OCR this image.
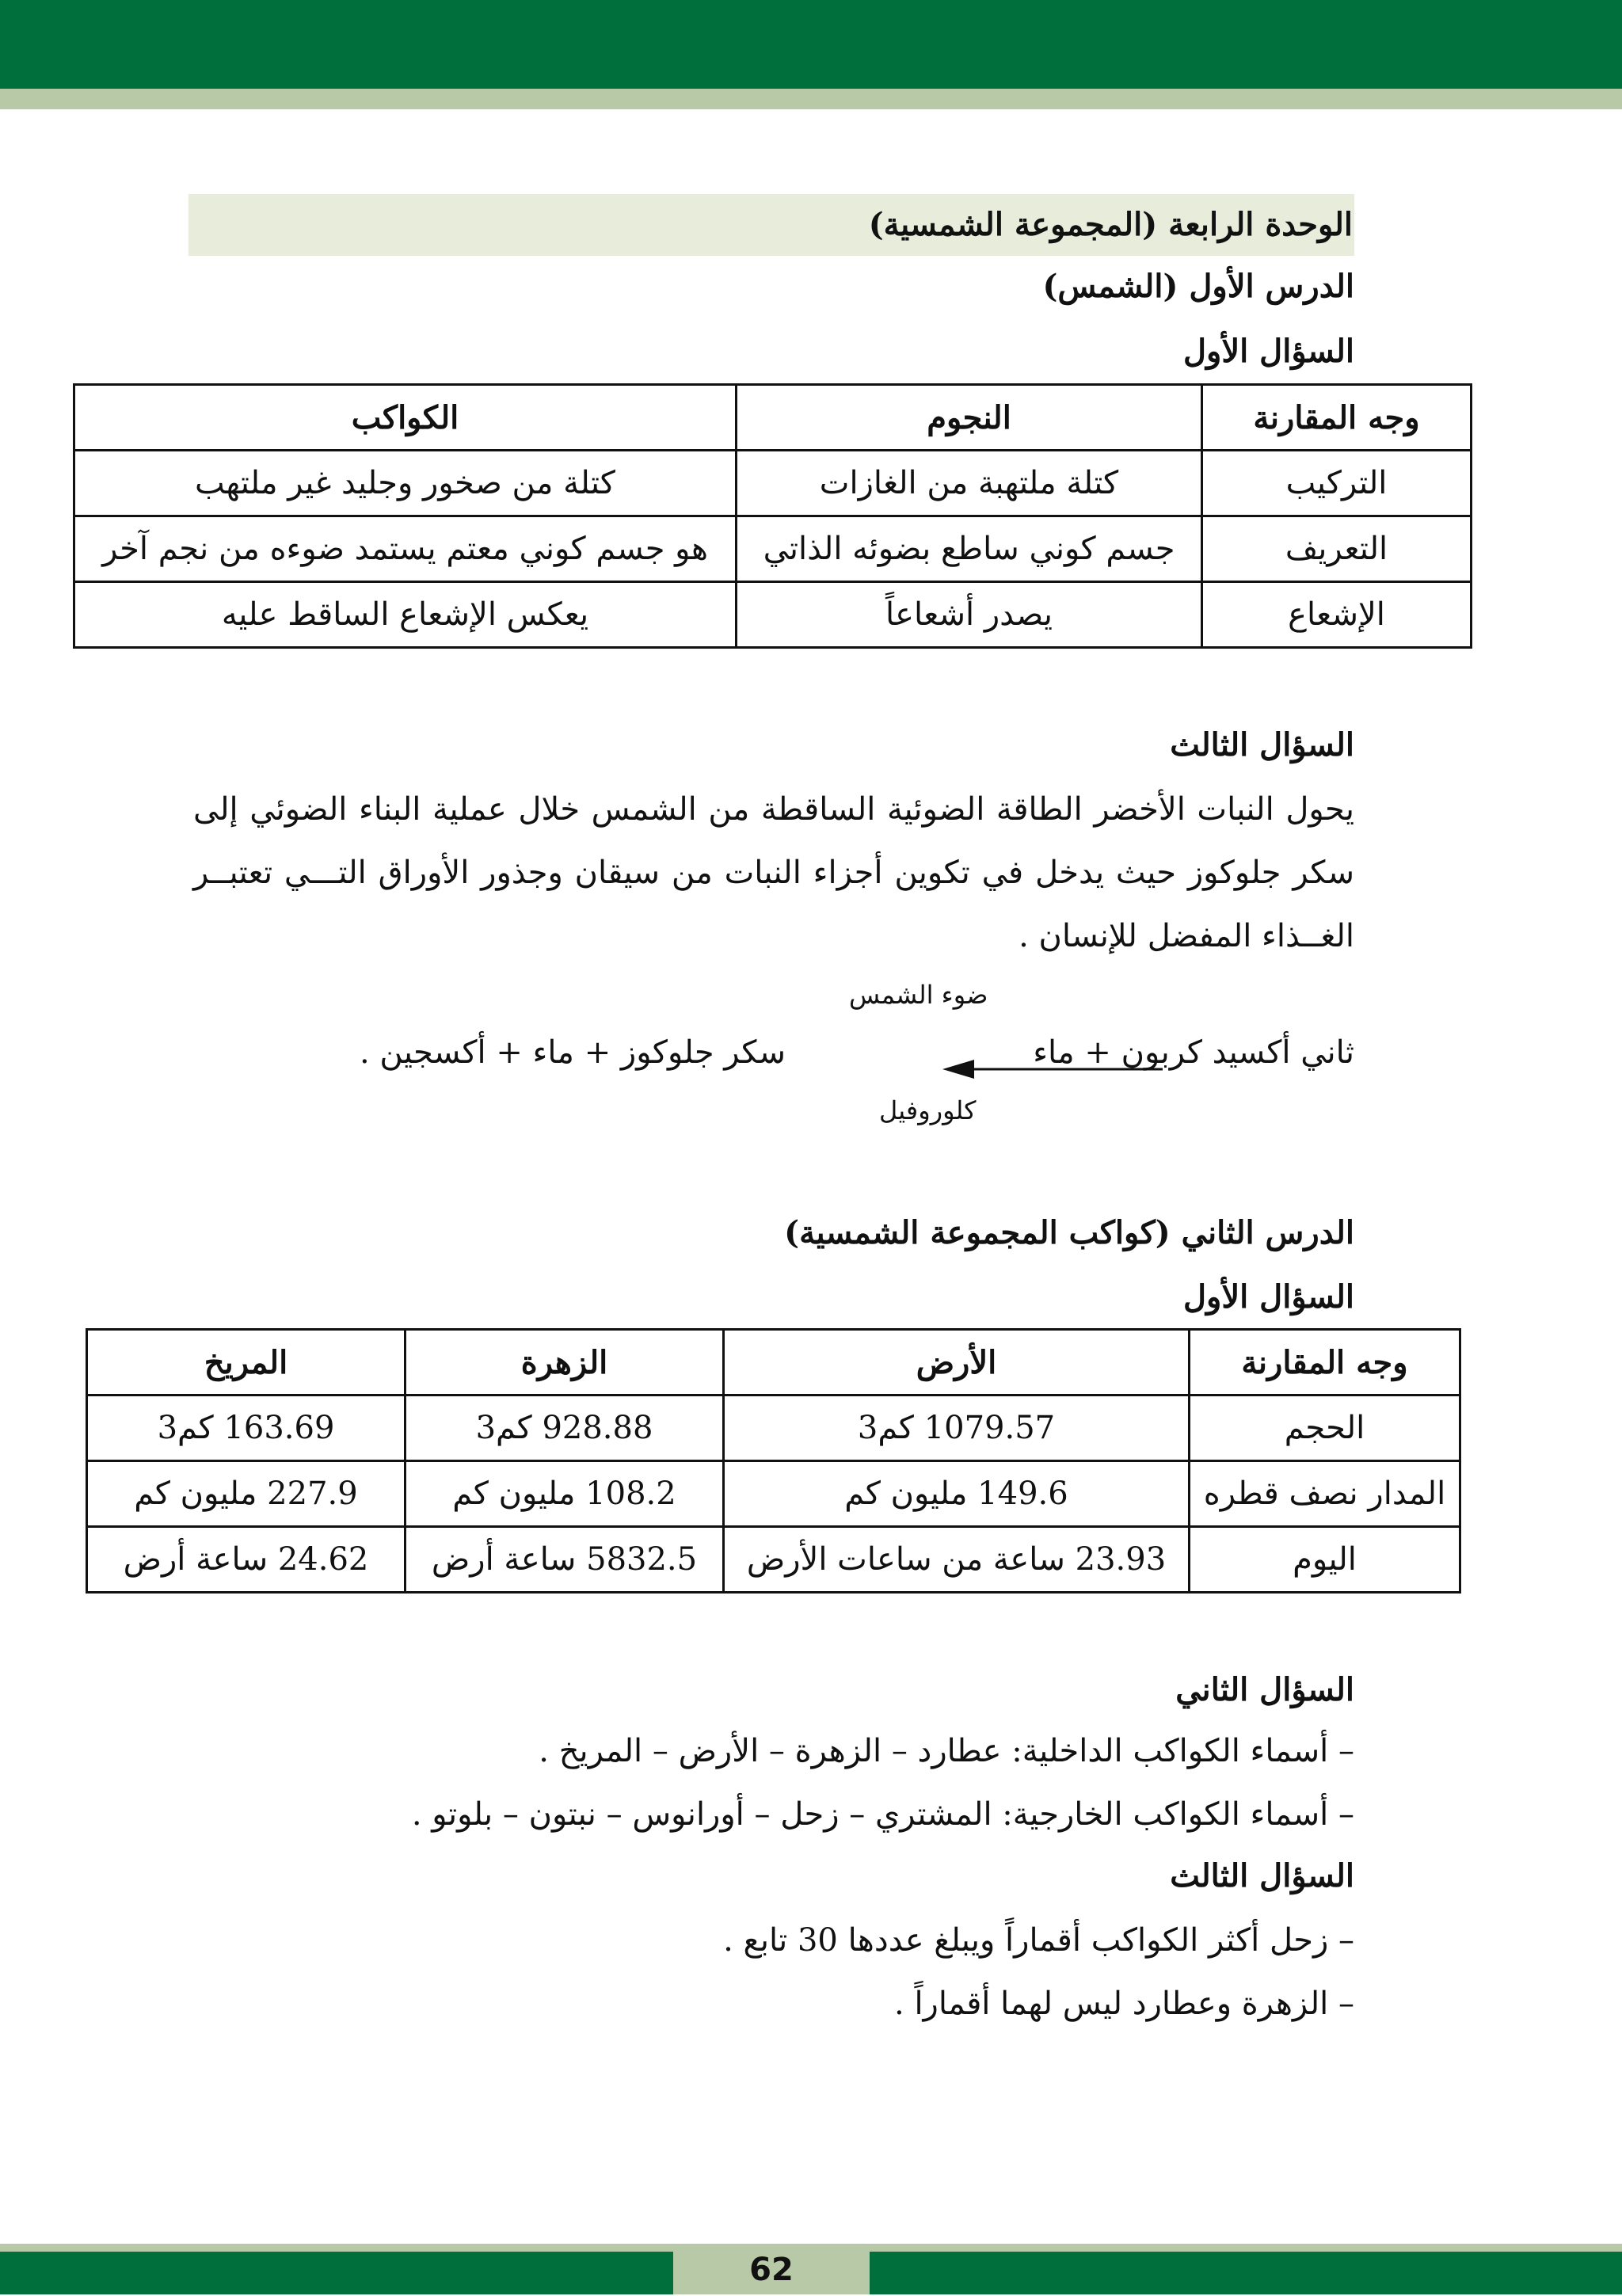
الوحدة الرابعة (المجموعة الشمسية)
الدرس الأول (الشمس)
السؤال الأول
وجه المقارنة	النجوم	الكواكب
التركيب	كتلة ملتهبة من الغازات	كتلة من صخور وجليد غير ملتهب
التعريف	جسم كوني ساطع بضوئه الذاتي	هو جسم كوني معتم يستمد ضوءه من نجم آخر
الإشعاع	يصدر أشعاعاً	يعكس الإشعاع الساقط عليه
السؤال الثالث
يحول النبات الأخضر الطاقة الضوئية الساقطة من الشمس خلال عملية البناء الضوئي إلى سكر جلوكوز حيث يدخل في تكوين أجزاء النبات من سيقان وجذور الأوراق التـــي تعتبــر الغــذاء المفضل للإنسان .
ضوء الشمس
ثاني أكسيد كربون + ماء
سكر جلوكوز + ماء + أكسجين .
كلوروفيل
الدرس الثاني (كواكب المجموعة الشمسية)
السؤال الأول
وجه المقارنة	الأرض	الزهرة	المريخ
الحجم	1079.57 كم3	928.88 كم3	163.69 كم3
المدار نصف قطره	149.6 مليون كم	108.2 مليون كم	227.9 مليون كم
اليوم	23.93 ساعة من ساعات الأرض	5832.5 ساعة أرض	24.62 ساعة أرض
السؤال الثاني
– أسماء الكواكب الداخلية: عطارد – الزهرة – الأرض – المريخ .
– أسماء الكواكب الخارجية: المشتري – زحل – أورانوس – نبتون – بلوتو .
السؤال الثالث
– زحل أكثر الكواكب أقماراً ويبلغ عددها 30 تابع .
– الزهرة وعطارد ليس لهما أقماراً .
62
